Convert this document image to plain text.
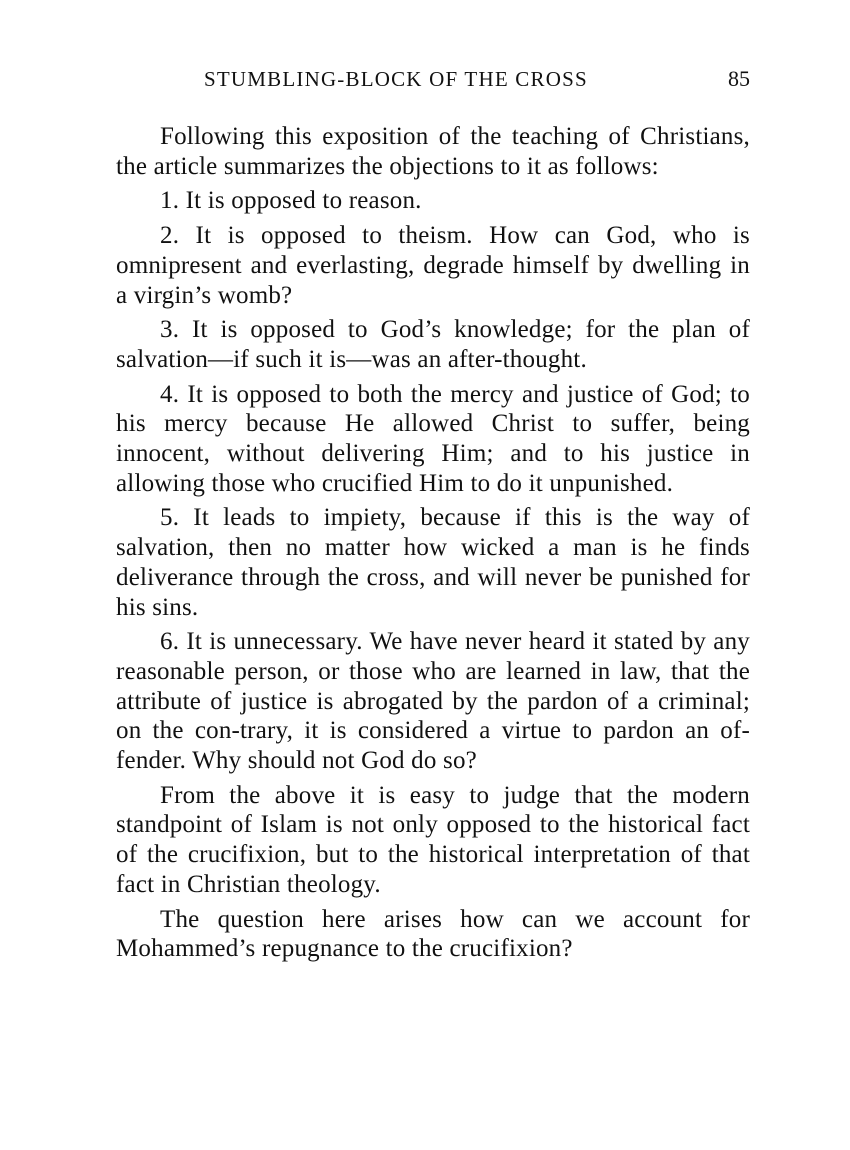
STUMBLING-BLOCK OF THE CROSS	85

Following this exposition of the teaching of Christians, the article summarizes the objections to it as follows:

1. It is opposed to reason.

2. It is opposed to theism. How can God, who is omnipresent and everlasting, degrade himself by dwelling in a virgin’s womb?

3. It is opposed to God’s knowledge; for the plan of salvation—if such it is—was an after-thought.

4. It is opposed to both the mercy and justice of God; to his mercy because He allowed Christ to suffer, being innocent, without delivering Him; and to his justice in allowing those who crucified Him to do it unpunished.

5. It leads to impiety, because if this is the way of salvation, then no matter how wicked a man is he finds deliverance through the cross, and will never be punished for his sins.

6. It is unnecessary. We have never heard it stated by any reasonable person, or those who are learned in law, that the attribute of justice is abrogated by the pardon of a criminal; on the con-trary, it is considered a virtue to pardon an of-fender. Why should not God do so?

From the above it is easy to judge that the modern standpoint of Islam is not only opposed to the historical fact of the crucifixion, but to the historical interpretation of that fact in Christian theology.

The question here arises how can we account for Mohammed’s repugnance to the crucifixion?
